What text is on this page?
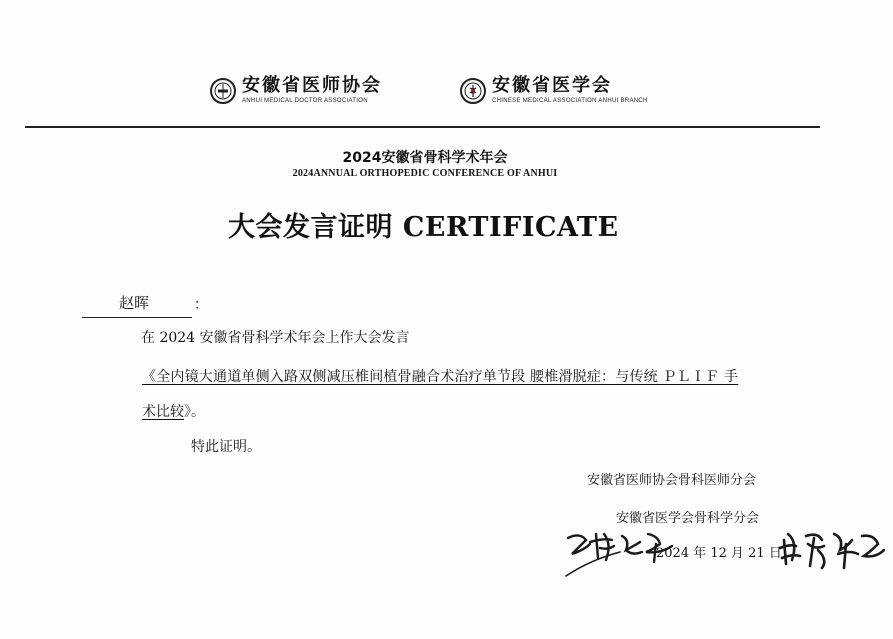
安徽省医师协会
ANHUI MEDICAL DOCTOR ASSOCIATION
安徽省医学会
CHINESE MEDICAL ASSOCIATION ANHUI BRANCH
2024安徽省骨科学术年会
2024ANNUAL ORTHOPEDIC CONFERENCE OF ANHUI
大会发言证明 CERTIFICATE
赵晖	：
在 2024 安徽省骨科学术年会上作大会发言
《全内镜大通道单侧入路双侧减压椎间植骨融合术治疗单节段 腰椎滑脱症：与传统 ＰＬＩＦ 手
术比较》。
特此证明。
安徽省医师协会骨科医师分会
安徽省医学会骨科学分会
2024 年 12 月 21 日
